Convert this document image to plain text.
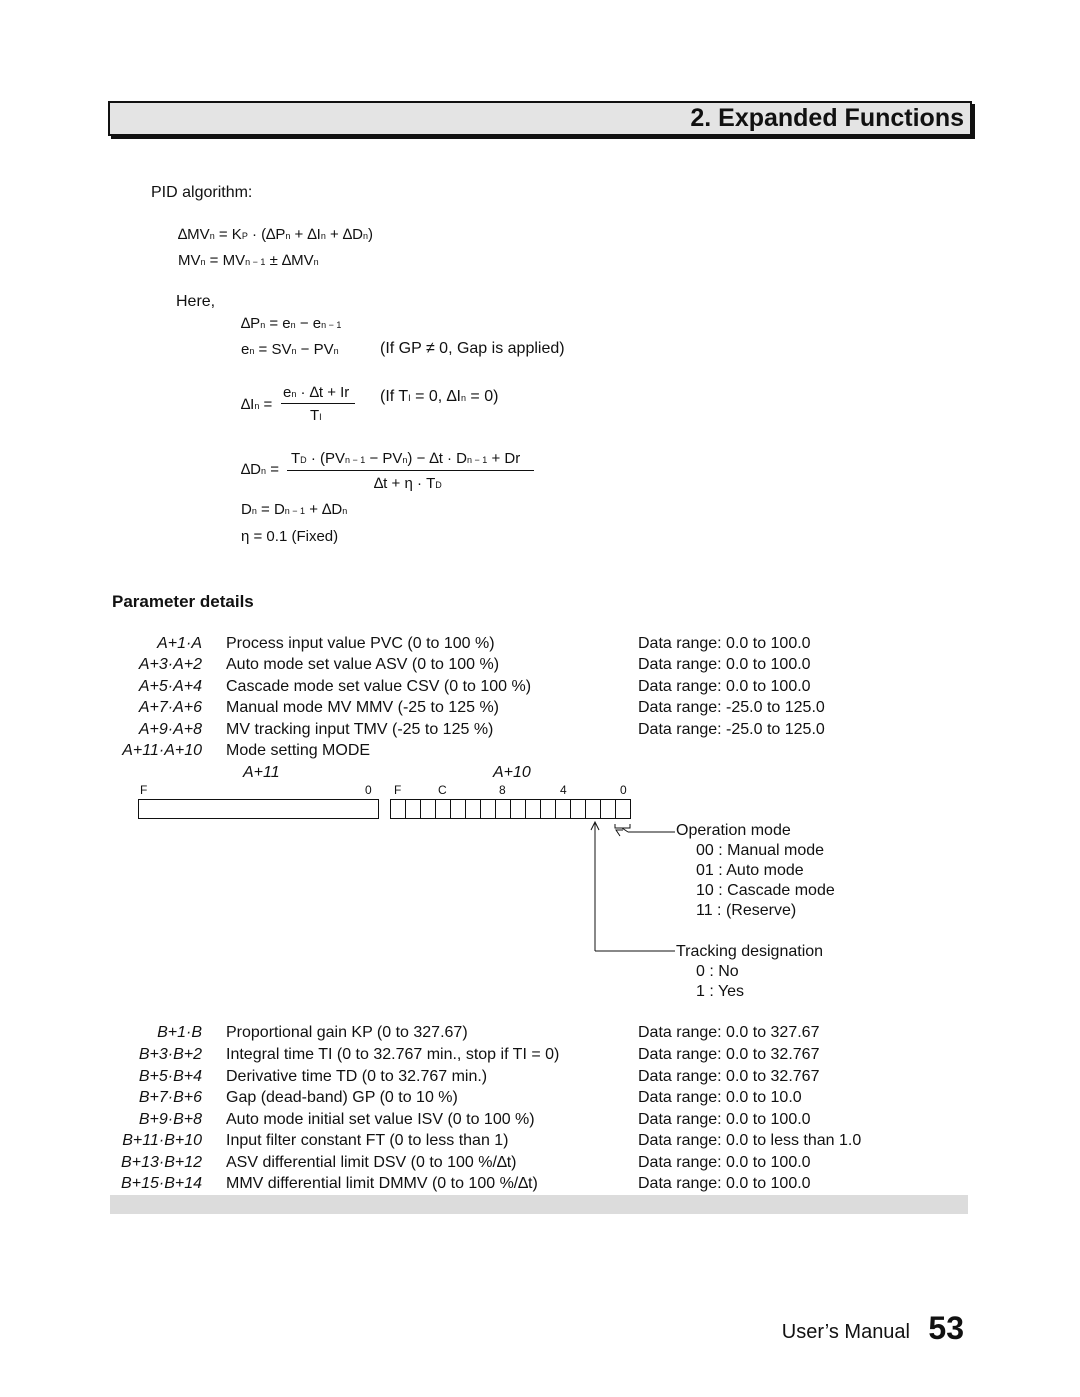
2. Expanded Functions
PID algorithm:
∆MVn = KP · (∆Pn + ∆In + ∆Dn)
MVn = MVn − 1 ± ∆MVn
Here,
∆Pn = en − en − 1
en = SVn − PVn	(If GP ≠ 0, Gap is applied)
∆In =
en · ∆t + Ir
TI
(If TI = 0, ∆In = 0)
∆Dn =
TD · (PVn − 1 − PVn) − ∆t · Dn − 1 + Dr
∆t + η · TD
Dn = Dn − 1 + ∆Dn
η = 0.1 (Fixed)
Parameter details
A+1·A Process input value PVC (0 to 100 %)	Data range: 0.0 to 100.0
A+3·A+2 Auto mode set value ASV (0 to 100 %)	Data range: 0.0 to 100.0
A+5·A+4 Cascade mode set value CSV (0 to 100 %)	Data range: 0.0 to 100.0
A+7·A+6 Manual mode MV MMV (-25 to 125 %)	Data range: -25.0 to 125.0
A+9·A+8 MV tracking input TMV (-25 to 125 %)	Data range: -25.0 to 125.0
A+11·A+10 Mode setting MODE
A+11	A+10
F	0 F	C	8	4	0
Operation mode
00 : Manual mode
01 : Auto mode
10 : Cascade mode
11 : (Reserve)
Tracking designation
0 : No
1 : Yes
B+1·B Proportional gain KP (0 to 327.67)	Data range: 0.0 to 327.67
B+3·B+2 Integral time TI (0 to 32.767 min., stop if TI = 0)	Data range: 0.0 to 32.767
B+5·B+4 Derivative time TD (0 to 32.767 min.)	Data range: 0.0 to 32.767
B+7·B+6 Gap (dead-band) GP (0 to 10 %)	Data range: 0.0 to 10.0
B+9·B+8 Auto mode initial set value ISV (0 to 100 %)	Data range: 0.0 to 100.0
B+11·B+10 Input filter constant FT (0 to less than 1)	Data range: 0.0 to less than 1.0
B+13·B+12 ASV differential limit DSV (0 to 100 %/∆t)	Data range: 0.0 to 100.0
B+15·B+14 MMV differential limit DMMV (0 to 100 %/∆t)	Data range: 0.0 to 100.0
User’s Manual 53
